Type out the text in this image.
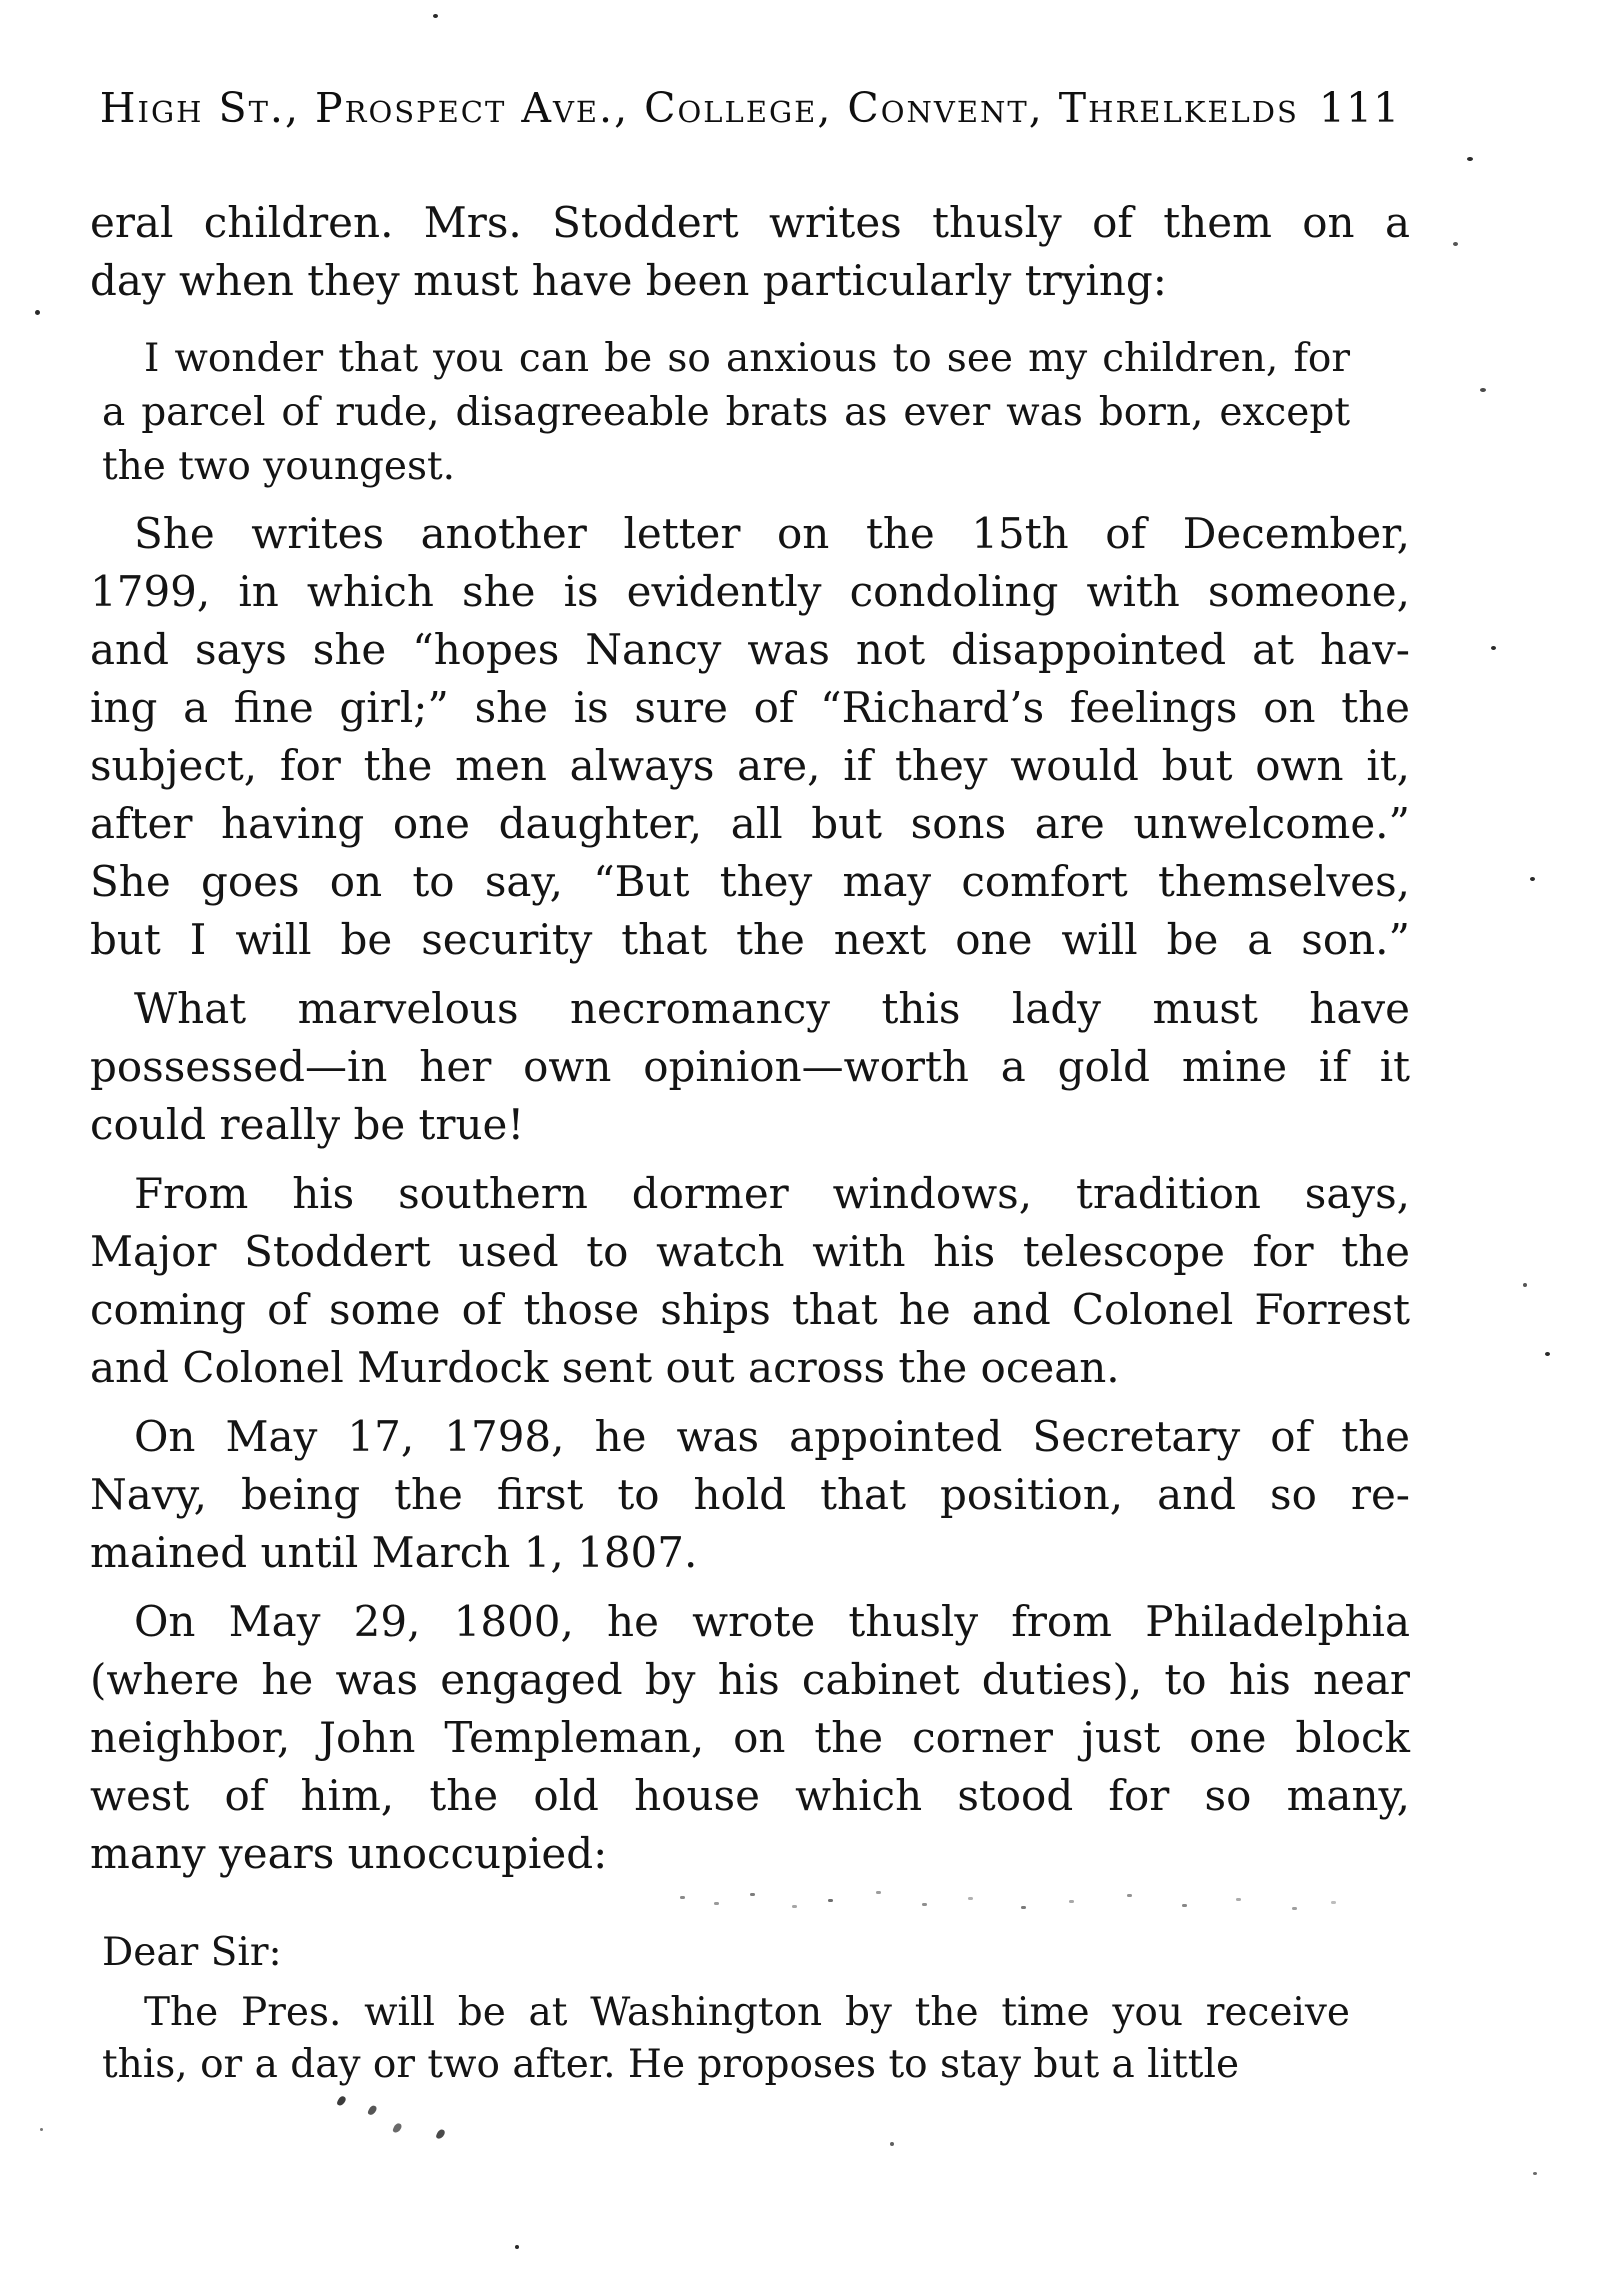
High St., Prospect Ave., College, Convent, Threlkelds 111

eral children. Mrs. Stoddert writes thusly of them on a
day when they must have been particularly trying:

I wonder that you can be so anxious to see my children, for
a parcel of rude, disagreeable brats as ever was born, except
the two youngest.

She writes another letter on the 15th of December,
1799, in which she is evidently condoling with someone,
and says she “hopes Nancy was not disappointed at hav-
ing a fine girl;” she is sure of “Richard’s feelings on the
subject, for the men always are, if they would but own it,
after having one daughter, all but sons are unwelcome.”
She goes on to say, “But they may comfort themselves,
but I will be security that the next one will be a son.”

What marvelous necromancy this lady must have
possessed—in her own opinion—worth a gold mine if it
could really be true!

From his southern dormer windows, tradition says,
Major Stoddert used to watch with his telescope for the
coming of some of those ships that he and Colonel Forrest
and Colonel Murdock sent out across the ocean.

On May 17, 1798, he was appointed Secretary of the
Navy, being the first to hold that position, and so re-
mained until March 1, 1807.

On May 29, 1800, he wrote thusly from Philadelphia
(where he was engaged by his cabinet duties), to his near
neighbor, John Templeman, on the corner just one block
west of him, the old house which stood for so many,
many years unoccupied:

Dear Sir:

The Pres. will be at Washington by the time you receive
this, or a day or two after. He proposes to stay but a little
